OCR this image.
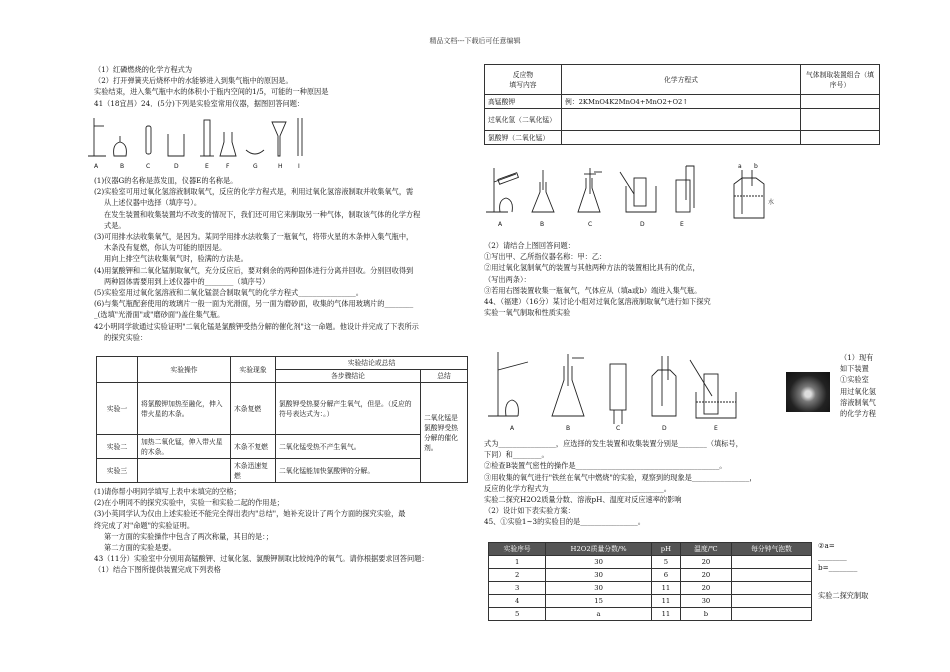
精品文档---下载后可任意编辑

（1）红磷燃烧的化学方程式为

（2）打开弹簧夹后烧杯中的水能够进入到集气瓶中的原因是。

实验结束，进入集气瓶中水的体积小于瓶内空间的1/5，可能的一种原因是

41（18宜昌）24．(5分)下列是实验室常用仪器，据图回答问题：

A	B	C	D	E	F	G	H	I

(1)仪器G的名称是蒸发皿，仪器E的名称是。

(2)实验室可用过氧化氢溶液制取氧气，反应的化学方程式是，利用过氧化氢溶液制取并收集氧气，需

从上述仪器中选择（填序号）。

在发生装置和收集装置均不改变的情况下，我们还可用它来制取另一种气体，制取该气体的化学方程

式是。

(3)可用排水法收集氧气，是因为。某同学用排水法收集了一瓶氧气，将带火星的木条伸入集气瓶中，

木条没有复燃，你认为可能的原因是。

用向上排空气法收集氧气时，验满的方法是。

(4)用氯酸钾和二氧化锰制取氧气，充分反应后，要对剩余的两种固体进行分离并回收。分别回收得到

两种固体需要用到上述仪器中的________（填序号）

(5)实验室用过氧化氢溶液和二氧化锰混合制取氧气的化学方程式________________。

(6)与集气瓶配套使用的玻璃片一般一面为光滑面，另一面为磨砂面，收集的气体用玻璃片的________

_(选填"光滑面"或"磨砂面")盖住集气瓶。

42小明同学欲通过实验证明"二氧化锰是氯酸钾受热分解的催化剂"这一命题。他设计并完成了下表所示

的探究实验：

	实验操作	实验现象	实验结论或总结	
			各步骤结论	总结
实验一	将氯酸钾加热至融化，伸入带火星的木条。	木条复燃	氯酸钾受热要分解产生氧气，但是。（反应的符号表达式为：。）	二氧化锰是氯酸钾受热分解的催化剂。
实验二	加热二氧化锰，伸入带火星的木条。	木条不复燃	二氧化锰受热不产生氧气。	
实验三		木条迅速复燃	二氧化锰能加快氯酸钾的分解。	

(1)请你帮小明同学填写上表中未填完的空格；

(2)在小明同不的探究实验中，实验一和实验二起的作用是；

(3)小英同学认为仅由上述实验还不能完全得出表内"总结"，她补充设计了两个方面的探究实验，最

终完成了对"命题"的实验证明。

第一方面的实验操作中包含了两次称量，其目的是：；

第二方面的实验是要。

43（11分）实验室中分别用高锰酸钾、过氧化氢、氯酸钾制取比较纯净的氧气。请你根据要求回答问题：

（1）结合下图所提供装置完成下列表格

反应物
填写内容	化学方程式	气体制取装置组合（填序号）
高锰酸钾	例：2KMnO4K2MnO4+MnO2+O2↑	
过氧化氢（二氧化锰）		
氯酸钾（二氧化锰）		
A	B	C	D	E
a b
水

（2）请结合上图回答问题：

①写出甲、乙所指仪器名称：甲：乙：

②用过氧化氢制氧气的装置与其他两种方法的装置相比具有的优点，

（写出两条）：

③若用右图装置收集一瓶氧气，气体应从（填a或b）端进入集气瓶。

44、（福建）（16分）某讨论小组对过氧化氢溶液制取氧气进行如下探究

实验一氧气制取和性质实验

A	B	C	D	E

（1）现有

如下装置

①实验室

用过氧化氢

溶液制氧气

的化学方程

式为________________，应选择的发生装置和收集装置分别是________（填标号，

下同）和________。

②检查B装置气密性的操作是________________________________________。

③用收集的氧气进行"铁丝在氧气中燃烧"的实验，观察到的现象是________________，

反应的化学方程式为________________________________。

实验二探究H2O2质量分数、溶液pH、温度对反应速率的影响

（2）设计如下表实验方案：

45、①实验1~3的实验目的是________________。

实验序号	H2O2质量分数/%	pH	温度/℃	每分钟气泡数
1	30	5	20	
2	30	6	20	
3	30	11	20	
4	15	11	30	
5	a	11	b	

②a=

________

b=________

实验二探究制取
